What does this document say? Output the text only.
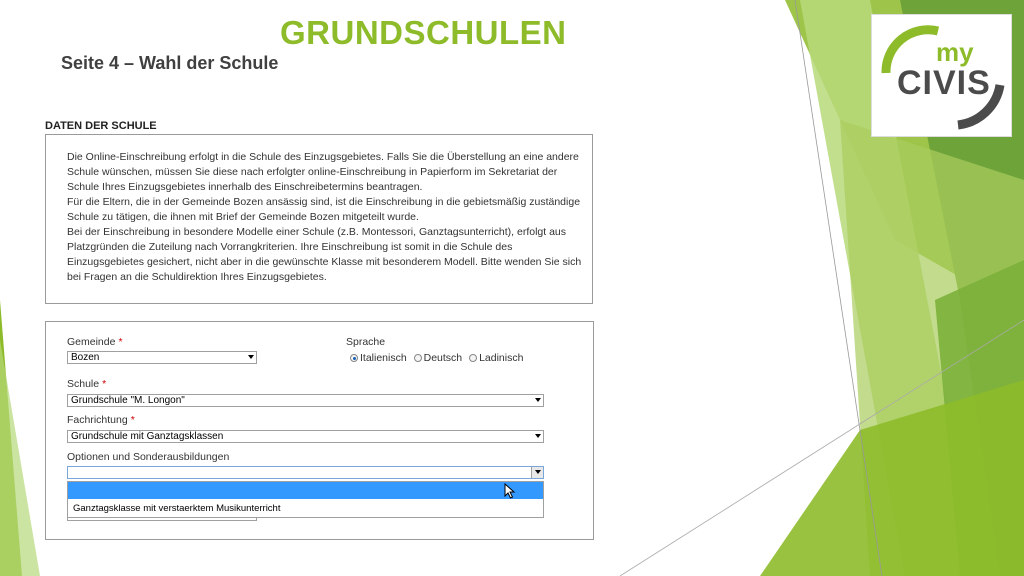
GRUNDSCHULEN
Seite 4 – Wahl der Schule	my
CIVIS
DATEN DER SCHULE
Die Online-Einschreibung erfolgt in die Schule des Einzugsgebietes. Falls Sie die Überstellung an eine andere
Schule wünschen, müssen Sie diese nach erfolgter online-Einschreibung in Papierform im Sekretariat der
Schule Ihres Einzugsgebietes innerhalb des Einschreibetermins beantragen.
Für die Eltern, die in der Gemeinde Bozen ansässig sind, ist die Einschreibung in die gebietsmäßig zuständige
Schule zu tätigen, die ihnen mit Brief der Gemeinde Bozen mitgeteilt wurde.
Bei der Einschreibung in besondere Modelle einer Schule (z.B. Montessori, Ganztagsunterricht), erfolgt aus
Platzgründen die Zuteilung nach Vorrangkriterien. Ihre Einschreibung ist somit in die Schule des
Einzugsgebietes gesichert, nicht aber in die gewünschte Klasse mit besonderem Modell. Bitte wenden Sie sich
bei Fragen an die Schuldirektion Ihres Einzugsgebietes.
Gemeinde *
Bozen
Sprache
Italienisch Deutsch Ladinisch
Schule *
Grundschule "M. Longon"
Fachrichtung *
Grundschule mit Ganztagsklassen
Optionen und Sonderausbildungen
Ganztagsklasse mit verstaerktem Musikunterricht
